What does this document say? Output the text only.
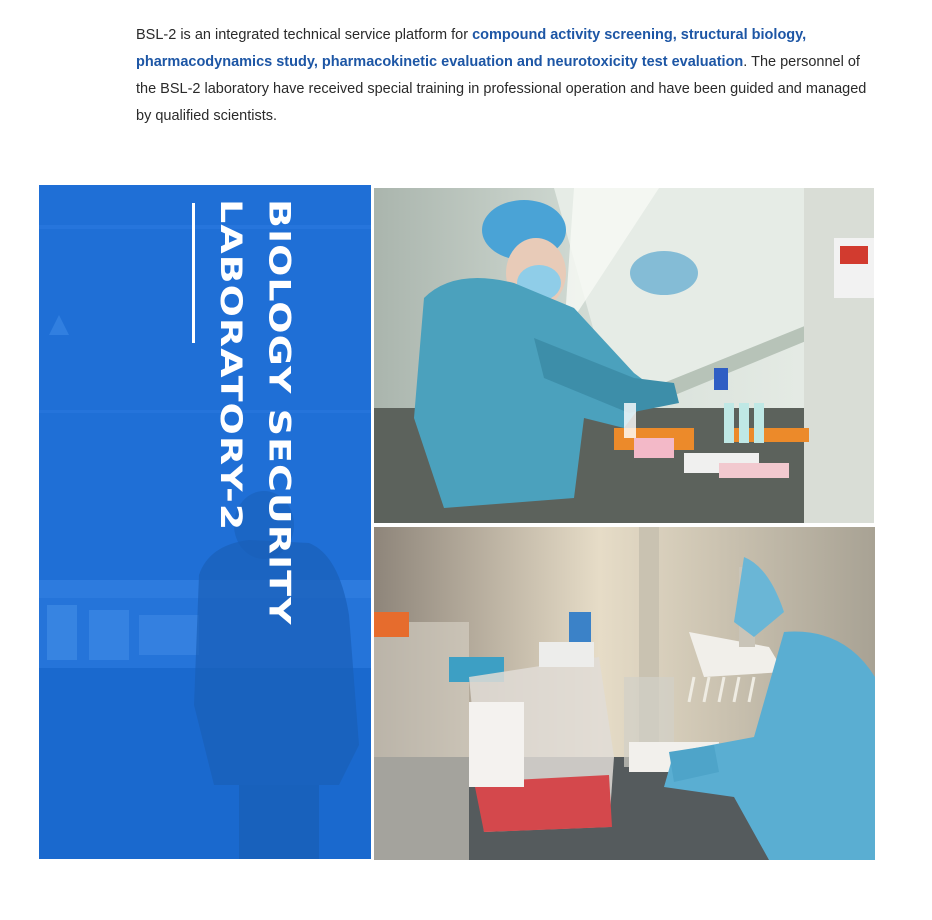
BSL-2 is an integrated technical service platform for compound activity screening, structural biology, pharmacodynamics study, pharmacokinetic evaluation and neurotoxicity test evaluation. The personnel of the BSL-2 laboratory have received special training in professional operation and have been guided and managed by qualified scientists.

BIOLOGY SECURITY
LABORATORY-2
